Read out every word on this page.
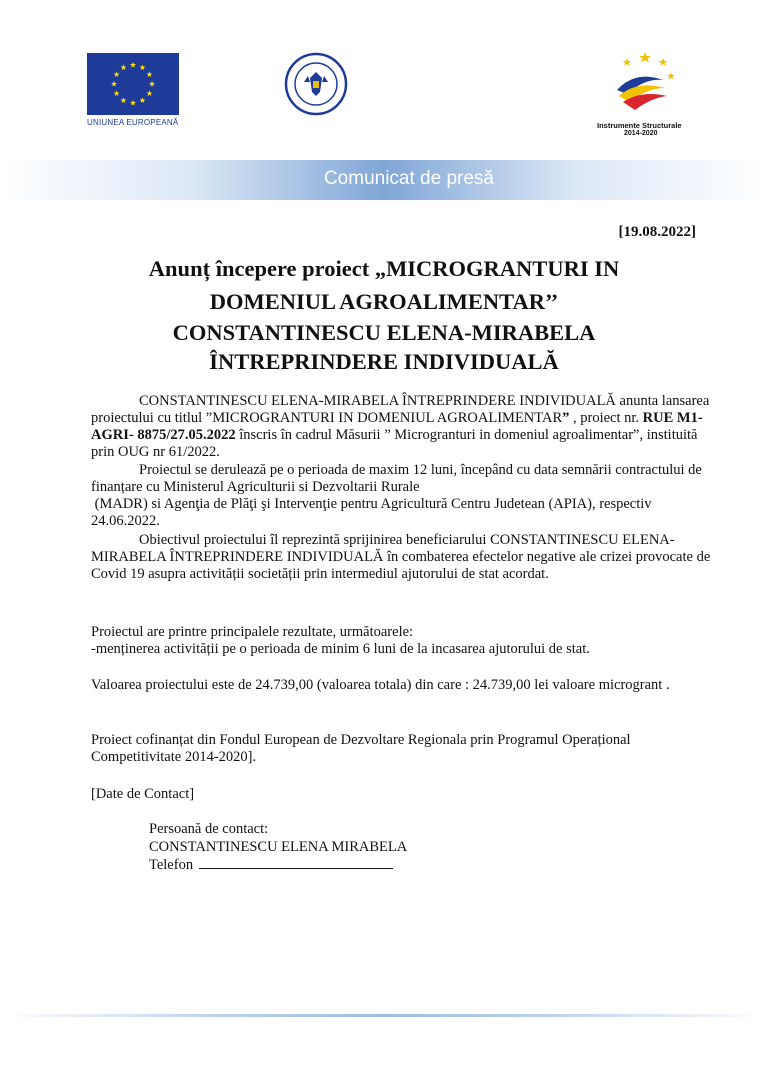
UNIUNEA EUROPEANĂ	Instrumente Structurale
2014-2020
Comunicat de presă
[19.08.2022]
Anunț începere proiect „MICROGRANTURI IN
DOMENIUL AGROALIMENTAR’’
CONSTANTINESCU ELENA-MIRABELA
ÎNTREPRINDERE INDIVIDUALĂ
CONSTANTINESCU ELENA-MIRABELA ÎNTREPRINDERE INDIVIDUALĂ anunta lansarea proiectului cu titlul ”MICROGRANTURI IN DOMENIUL AGROALIMENTAR” , proiect nr. RUE M1-AGRI- 8875/27.05.2022 înscris în cadrul Măsurii ” Microgranturi in domeniul agroalimentar”, instituită prin OUG nr 61/2022.
Proiectul se derulează pe o perioada de maxim 12 luni, începând cu data semnării contractului de finanțare cu Ministerul Agriculturii si Dezvoltarii Rurale
(MADR) si Agenţia de Plăţi şi Intervenţie pentru Agricultură Centru Judetean (APIA), respectiv 24.06.2022.
Obiectivul proiectului îl reprezintă sprijinirea beneficiarului CONSTANTINESCU ELENA-MIRABELA ÎNTREPRINDERE INDIVIDUALĂ în combaterea efectelor negative ale crizei provocate de Covid 19 asupra activității societății prin intermediul ajutorului de stat acordat.
Proiectul are printre principalele rezultate, următoarele:
-menținerea activității pe o perioada de minim 6 luni de la incasarea ajutorului de stat.
Valoarea proiectului este de 24.739,00 (valoarea totala) din care : 24.739,00 lei valoare microgrant .
Proiect cofinanțat din Fondul European de Dezvoltare Regionala prin Programul Operațional Competitivitate 2014-2020].
[Date de Contact]
Persoană de contact:
CONSTANTINESCU ELENA MIRABELA
Telefon
